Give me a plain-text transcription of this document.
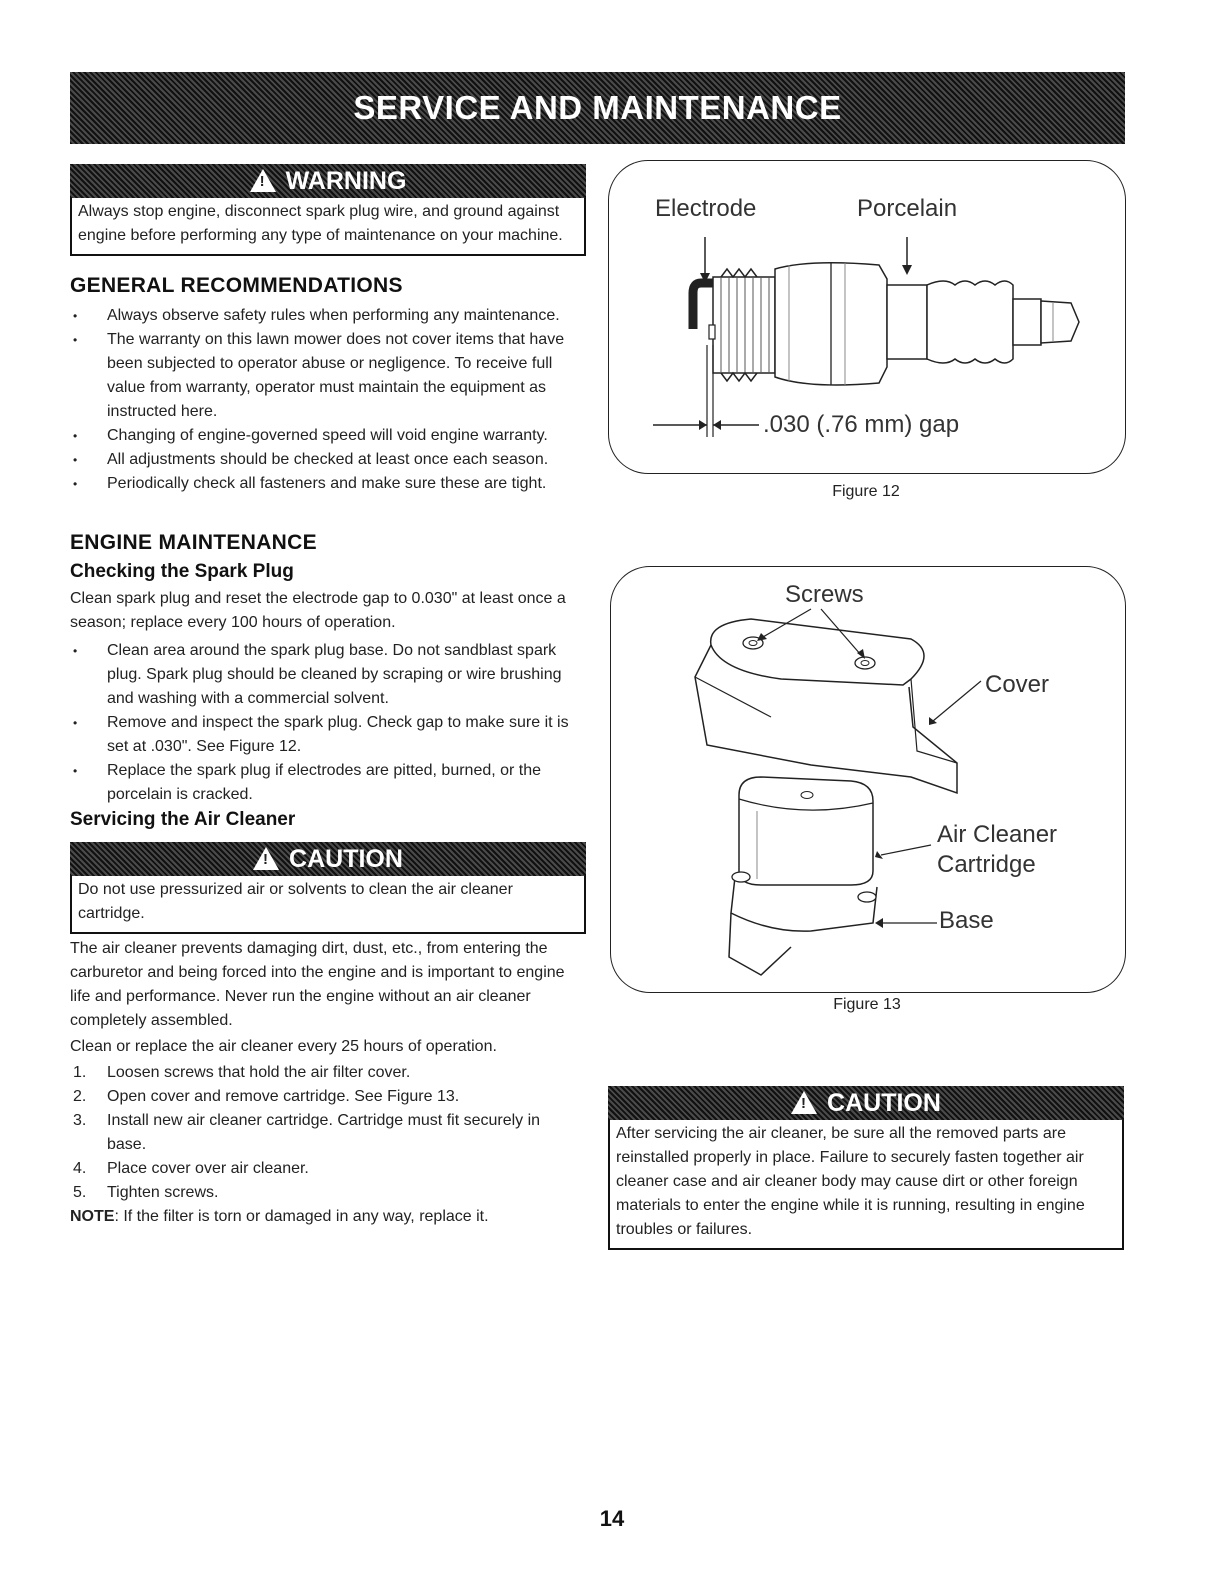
SERVICE AND MAINTENANCE
!
WARNING
Always stop engine, disconnect spark plug wire, and ground against engine before performing any type of maintenance on your machine.
GENERAL RECOMMENDATIONS
• Always observe safety rules when performing any maintenance.
• The warranty on this lawn mower does not cover items that have been subjected to operator abuse or negligence. To receive full value from warranty, operator must maintain the equipment as instructed here.
• Changing of engine-governed speed will void engine warranty.
• All adjustments should be checked at least once each season.
• Periodically check all fasteners and make sure these are tight.
ENGINE MAINTENANCE
Checking the Spark Plug

Clean spark plug and reset the electrode gap to 0.030" at least once a season; replace every 100 hours of operation.

• Clean area around the spark plug base. Do not sandblast spark plug. Spark plug should be cleaned by scraping or wire brushing and washing with a commercial solvent.
• Remove and inspect the spark plug. Check gap to make sure it is set at .030". See Figure 12.
• Replace the spark plug if electrodes are pitted, burned, or the porcelain is cracked.
Servicing the Air Cleaner
!
CAUTION
Do not use pressurized air or solvents to clean the air cleaner cartridge.

The air cleaner prevents damaging dirt, dust, etc., from entering the carburetor and being forced into the engine and is important to engine life and performance. Never run the engine without an air cleaner completely assembled.

Clean or replace the air cleaner every 25 hours of operation.

1. Loosen screws that hold the air filter cover.
2. Open cover and remove cartridge. See Figure 13.
3. Install new air cleaner cartridge. Cartridge must fit securely in base.
4. Place cover over air cleaner.
5. Tighten screws.

NOTE: If the filter is torn or damaged in any way, replace it.

Electrode	Porcelain
.030 (.76 mm) gap
Figure 12
Screws
Cover
Air Cleaner
Cartridge
Base
Figure 13
!
CAUTION
After servicing the air cleaner, be sure all the removed parts are reinstalled properly in place. Failure to securely fasten together air cleaner case and air cleaner body may cause dirt or other foreign materials to enter the engine while it is running, resulting in engine troubles or failures.
14
